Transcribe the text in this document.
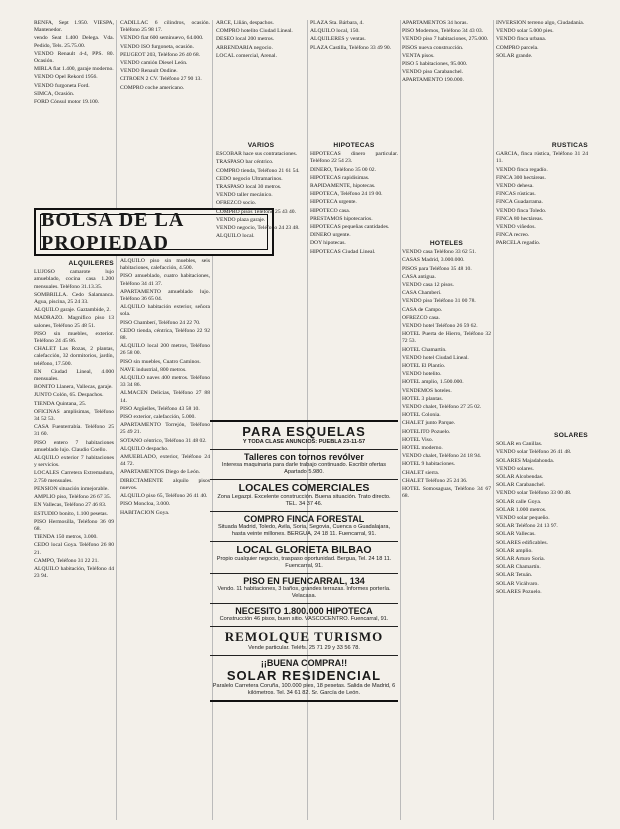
RENFA, Sept 1.950. VIESPA, Mantenedor.

vendo Seat 1.400 Delega. Vda. Pedido, Tels. 25.75.00.

VENDO Renault 4-4, PPS. 80. Ocasión.

MIRLA fiat 1.400, garaje moderno.

VENDO Opel Rekord 1956.

VENDO furgoneta Ford.

SIMCA, Ocasión.

FORD Cónsul motor 19.100.

BOLSA DE LA PROPIEDAD
ALQUILERES

LUJOSO camarote lujo amueblado, cocina casa 1.200 mensuales. Teléfono 31.13.35.

SOMBRILLA. Cedo Salamanca. Agua, piscina, 25 24 33.

ALQUILO garaje. Gaztambide, 2.

MADRAZO. Magnífico piso 13 salones, Teléfono 25 48 51.

PISO sin muebles, exterior. Teléfono 24 45 86.

CHALET Las Rozas, 2 plantas, calefacción, 32 dormitorios, jardín, teléfono, 17.500.

EN Ciudad Lineal, 4.000 mensuales.

BONITO Llanera, Vallecas, garaje.

JUNTO Colón, 65. Despachos.

TIENDA Quintana, 25.

OFICINAS amplísimas, Teléfono 34 52 53.

CASA Fuenterrabía. Teléfono 25 31 60.

PISO entero 7 habitaciones amueblado lujo. Claudio Coello.

ALQUILO exterior 7 habitaciones y servicios.

LOCALES Carretera Extremadura, 2.750 mensuales.

PENSION situación inmejorable.

AMPLIO piso, Teléfono 26 67 35.

EN Vallecas, Teléfono 27 46 83.

ESTUDIO bonito, 1.100 pesetas.

PISO Hermosilla, Teléfono 36 09 68.

TIENDA 150 metros, 3.000.

CEDO local Goya. Teléfono 26 80 21.

CAMPO, Teléfono 31 22 21.

ALQUILO habitación, Teléfono 44 23 94.

CADILLAC 6 cilindros, ocasión. Teléfono 25 98 17.

VENDO fiat 600 seminuevo, 64.000.

VENDO ISO furgoneta, ocasión.

PEUGEOT 203, Teléfono 26 40 68.

VENDO camión Diesel León.

VENDO Renault Ondine.

CITROEN 2 CV. Teléfono 27 90 13.

COMPRO coche americano.

ALQUILO piso sin muebles, seis habitaciones, calefacción, 4.500.

PISO amueblado, cuatro habitaciones, Teléfono 34 41 37.

APARTAMENTO amueblado lujo. Teléfono 36 65 04.

ALQUILO habitación exterior, señora sola.

PISO Chamberí, Teléfono 24 22 70.

CEDO tienda, céntrica, Teléfono 22 92 88.

ALQUILO local 200 metros, Teléfono 26 58 00.

PISO sin muebles, Cuatro Caminos.

NAVE industrial, 800 metros.

ALQUILO naves 400 metros. Teléfono 33 34 86.

ALMACEN Delicias, Teléfono 27 88 14.

PISO Argüelles, Teléfono 43 58 10.

PISO exterior, calefacción, 5.000.

APARTAMENTO Torrejón, Teléfono 25 49 21.

SOTANO céntrico, Teléfono 31 48 02.

ALQUILO despacho.

AMUEBLADO, exterior, Teléfono 24 44 72.

APARTAMENTOS Diego de León.

DIRECTAMENTE alquilo pisos nuevos.

ALQUILO piso 65, Teléfono 26 41 40.

PISO Moncloa, 3.000.

HABITACION Goya.

ARCE, Liñán, despachos.

COMPRO hotelito Ciudad Lineal.

DESEO local 200 metros.

ARRENDARIA negocio.

LOCAL comercial, Arenal.

VARIOS

ESCOBAR hace sus contrataciones.

TRASPASO bar céntrico.

COMPRO tienda, Teléfono 21 61 54.

CEDO negocio Ultramarinos.

TRASPASO local 30 metros.

VENDO taller mecánico.

OFREZCO socio.

COMPRO pisos Teléfono 25 43 40.

VENDO plaza garaje.

VENDO negocio, Teléfono 24 23 48.

ALQUILO local.

PLAZA Sta. Bárbara, 4.

ALQUILO local, 150.

ALQUILERES y ventas.

PLAZA Castilla, Teléfono 33 49 90.

HIPOTECAS

HIPOTECAS dinero particular. Teléfono 22 54 23.

DINERO, Teléfono 35 00 02.

HIPOTECAS rapidísimas.

RAPIDAMENTE, hipotecas.

HIPOTECA, Teléfono 24 19 00.

HIPOTECA urgente.

HIPOTECO casa.

PRESTAMOS hipotecarios.

HIPOTECAS pequeñas cantidades.

DINERO urgente.

DOY hipotecas.

HIPOTECAS Ciudad Lineal.

APARTAMENTOS 34 horas.

PISO Modernos, Teléfono 34 43 03.

VENDO piso 7 habitaciones, 275.000.

PISOS nueva construcción.

VENTA pisos.

PISO 5 habitaciones, 95.000.

VENDO piso Carabanchel.

APARTAMENTO 190.000.

HOTELES

VENDO casa Teléfono 33 62 51.

CASAS Madrid, 3.000.000.

PISOS para Teléfono 35 48 10.

CASA antigua.

VENDO casa 12 pisos.

CASA Chamberí.

VENDO piso Teléfono 31 00 78.

CASA de Campo.

OFREZCO casa.

VENDO hotel Teléfono 26 59 62.

HOTEL Puerta de Hierro, Teléfono 32 72 53.

HOTEL Chamartín.

VENDO hotel Ciudad Lineal.

HOTEL El Plantío.

VENDO hotelito.

HOTEL amplio, 1.500.000.

VENDEMOS hoteles.

HOTEL 3 plantas.

VENDO chalet, Teléfono 27 25 02.

HOTEL Colonia.

CHALET junto Parque.

HOTELITO Pozuelo.

HOTEL Viso.

HOTEL moderno.

VENDO chalet, Teléfono 24 18 94.

HOTEL 9 habitaciones.

CHALET sierra.

CHALET Teléfono 25 24 36.

HOTEL Somosaguas, Teléfono 34 67 68.

INVERSION terreno algo, Ciudadanía.

VENDO solar 5.000 pies.

VENDO finca urbana.

COMPRO parcela.

SOLAR grande.

RUSTICAS

GARCIA, finca rústica, Teléfono 31 24 11.

VENDO finca regadío.

FINCA 300 hectáreas.

VENDO dehesa.

FINCAS rústicas.

FINCA Guadarrama.

VENDO finca Toledo.

FINCA 80 hectáreas.

VENDO viñedos.

FINCA recreo.

PARCELA regadío.

SOLARES

SOLAR en Canillas.

VENDO solar Teléfono 26 41 48.

SOLARES Majadahonda.

VENDO solares.

SOLAR Alcobendas.

SOLAR Carabanchel.

VENDO solar Teléfono 33 00 48.

SOLAR calle Goya.

SOLAR 1.000 metros.

VENDO solar pequeño.

SOLAR Teléfono 24 13 97.

SOLAR Vallecas.

SOLARES edificables.

SOLAR amplio.

SOLAR Arturo Soria.

SOLAR Chamartín.

SOLAR Tetuán.

SOLAR Vicálvaro.

SOLARES Pozuelo.

PARA ESQUELAS
Y TODA CLASE ANUNCIOS: PUEBLA 23-11-57
Talleres con tornos revólver
Interesa maquinaria para darle trabajo continuado. Escribir ofertas Apartado 5.980.
LOCALES COMERCIALES
Zona Legazpi. Excelente construcción. Buena situación. Trato directo. TEL. 34 37 46.
COMPRO FINCA FORESTAL
Situada Madrid, Toledo, Avila, Soria, Segovia, Cuenca o Guadalajara, hasta veinte millones. BERGUA, 24 18 11. Fuencarral, 91.
LOCAL GLORIETA BILBAO
Propio cualquier negocio, traspaso oportunidad. Bergua, Tel. 24 18 11. Fuencarral, 91.
PISO EN FUENCARRAL, 134
Vendo. 11 habitaciones, 3 baños, grandes terrazas. Informes portería. Velacasa.
NECESITO 1.800.000 HIPOTECA
Construcción 46 pisos, buen sitio. VASCOCENTRO. Fuencarral, 91.
REMOLQUE TURISMO
Vende particular. Teléfs. 25 71 29 y 33 56 78.
¡¡BUENA COMPRA!!
SOLAR RESIDENCIAL
Paralelo Carretera Coruña, 100.000 pies, 18 pesetas. Salida de Madrid, 6 kilómetros. Tel. 34 61 82. Sr. García de León.
